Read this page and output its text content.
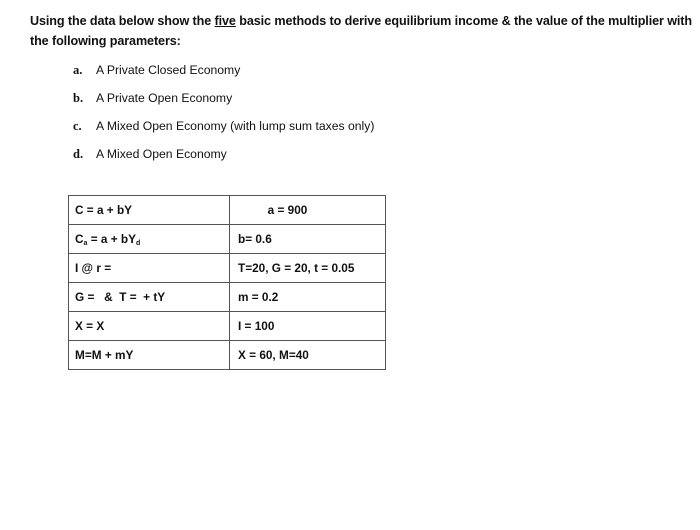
Using the data below show the five basic methods to derive equilibrium income & the value of the multiplier with the following parameters:
a.	A Private Closed Economy
b.	A Private Open Economy
c.	A Mixed Open Economy (with lump sum taxes only)
d.	A Mixed Open Economy
C = a + bY	a = 900
$C_a = a + bY_d$	b= 0.6
I @ r =	T=20, G = 20, t = 0.05
G =   &  T =  + tY	m = 0.2
X = X	I = 100
M=M + mY	X = 60, M=40
